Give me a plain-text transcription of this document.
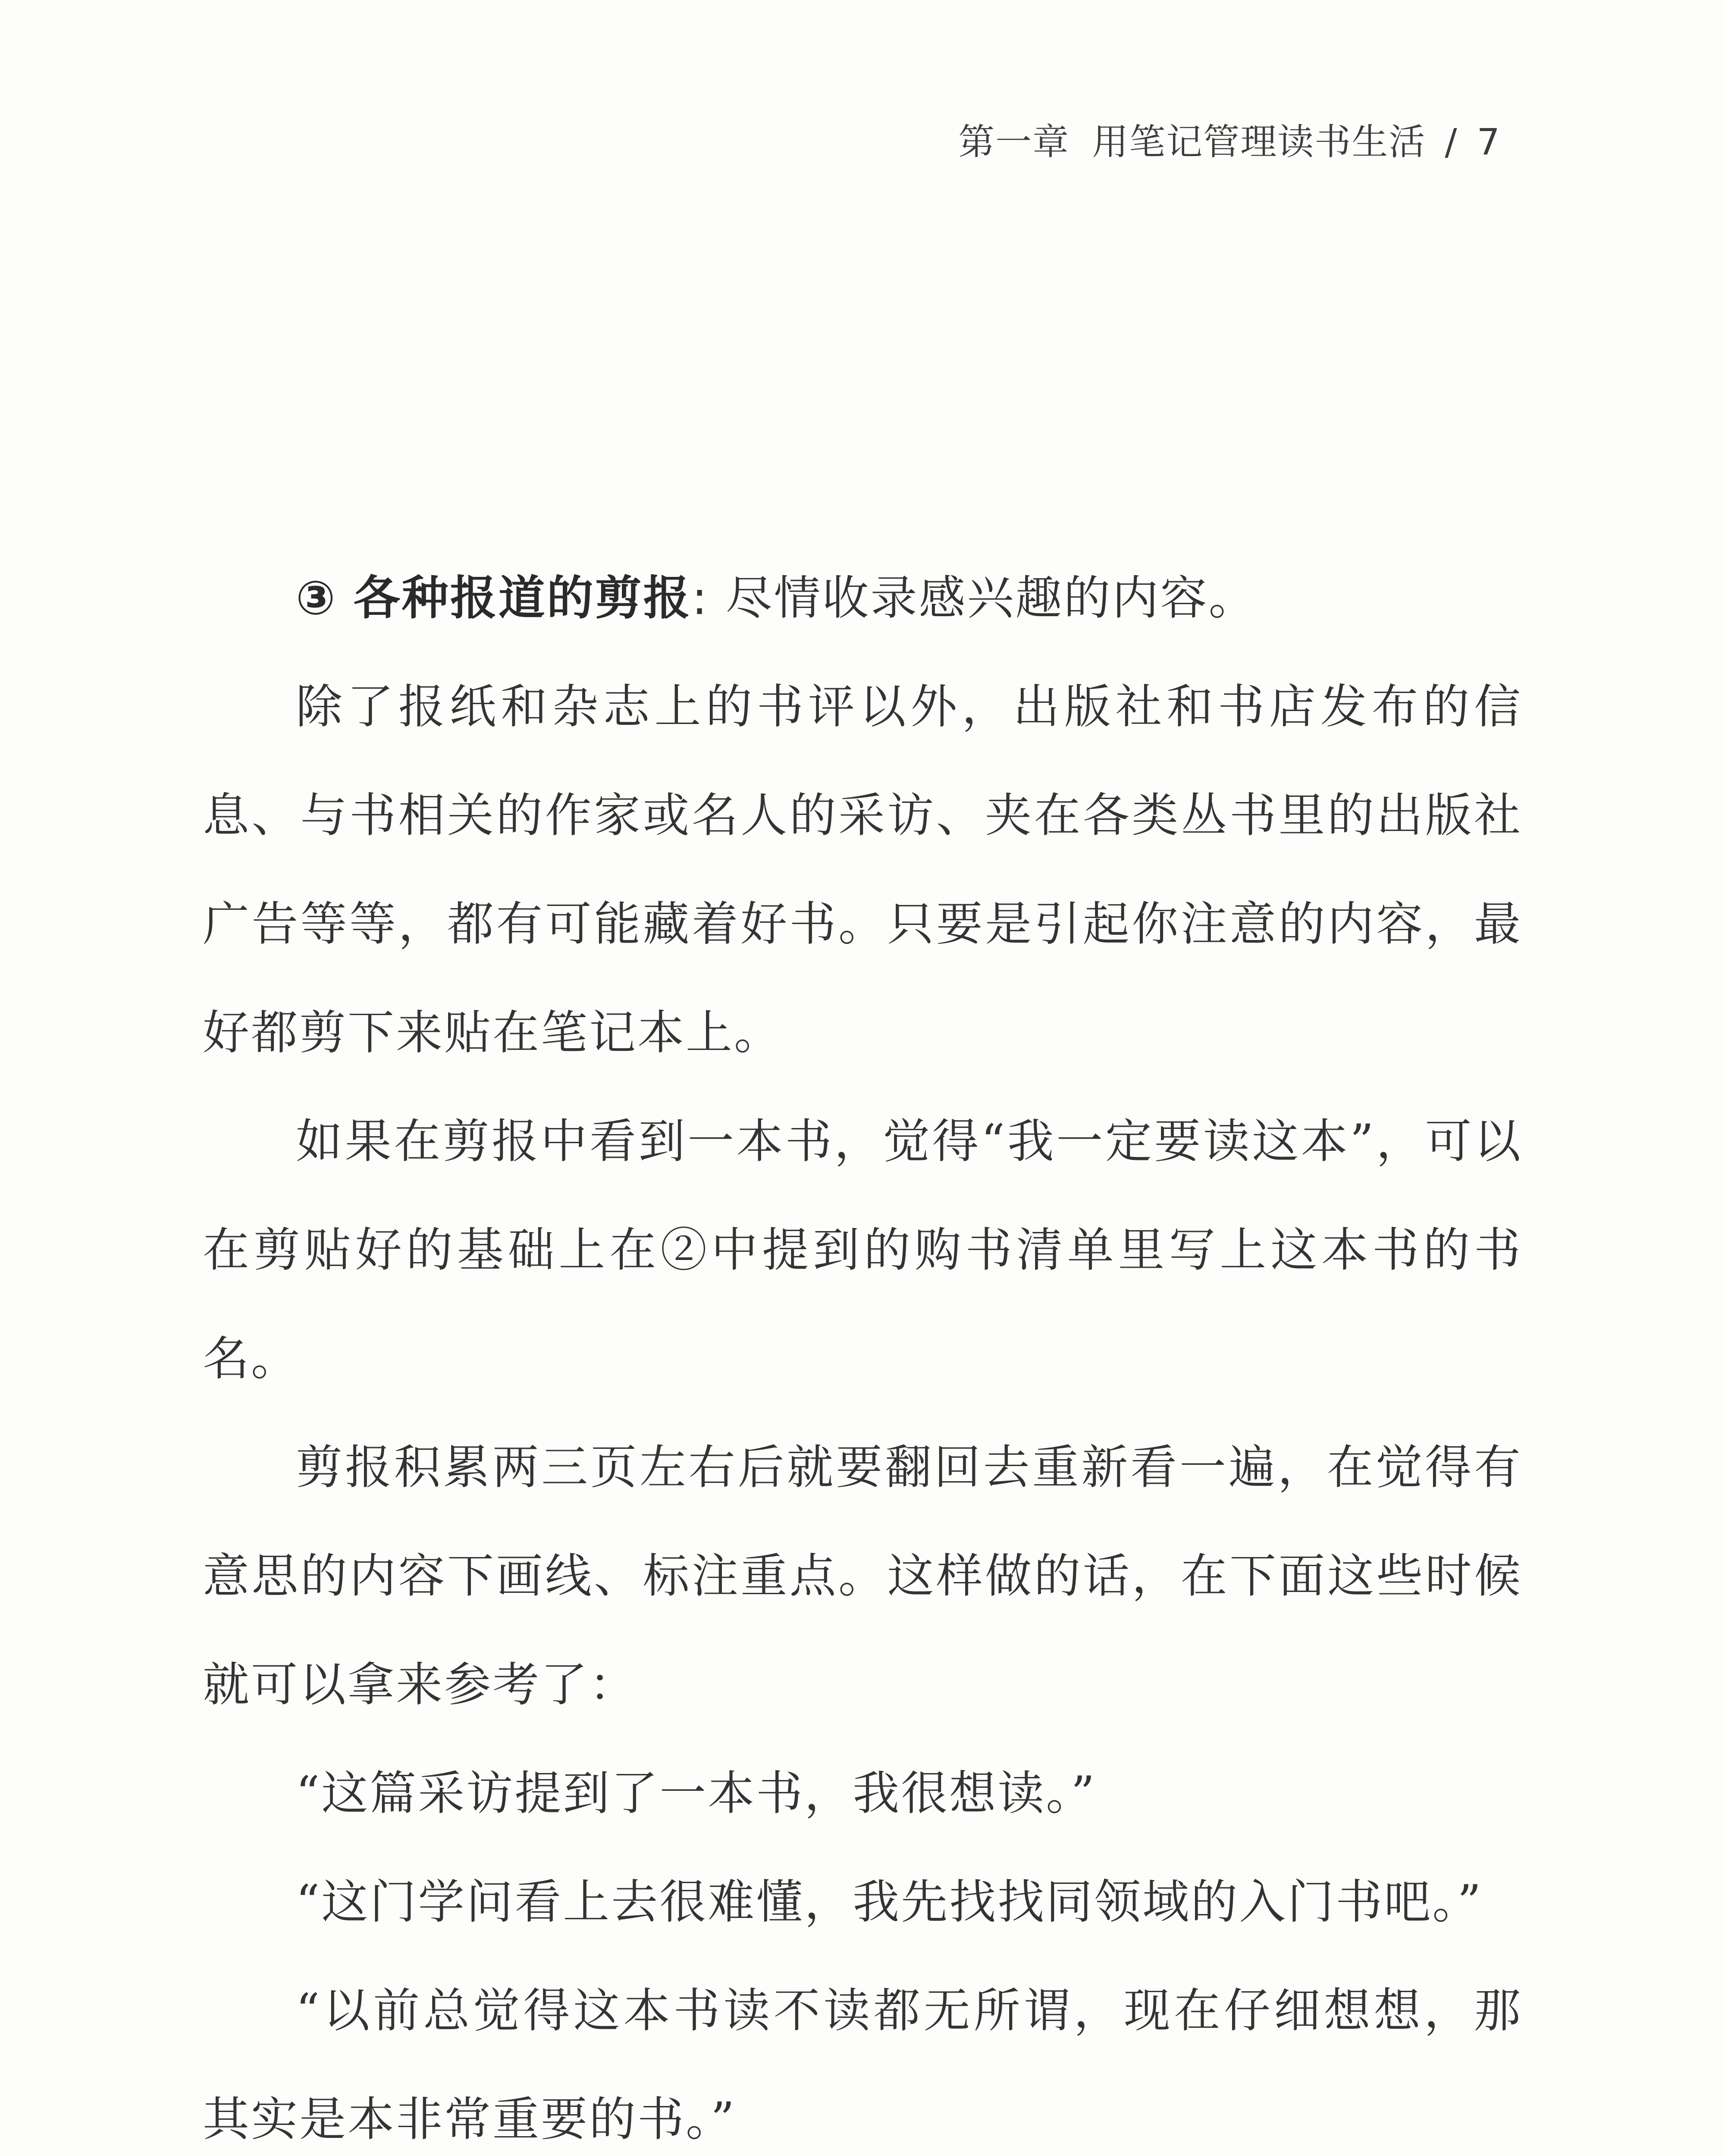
第一章 用笔记管理读书生活 / 7

③ 各种报道的剪报: 尽情收录感兴趣的内容。

除了报纸和杂志上的书评以外，出版社和书店发布的信息、与书相关的作家或名人的采访、夹在各类丛书里的出版社广告等等，都有可能藏着好书。只要是引起你注意的内容，最好都剪下来贴在笔记本上。

如果在剪报中看到一本书，觉得“我一定要读这本”，可以在剪贴好的基础上在②中提到的购书清单里写上这本书的书名。

剪报积累两三页左右后就要翻回去重新看一遍，在觉得有意思的内容下画线、标注重点。这样做的话，在下面这些时候就可以拿来参考了：

“这篇采访提到了一本书，我很想读。”

“这门学问看上去很难懂，我先找找同领域的入门书吧。”

“以前总觉得这本书读不读都无所谓，现在仔细想想，那其实是本非常重要的书。”
